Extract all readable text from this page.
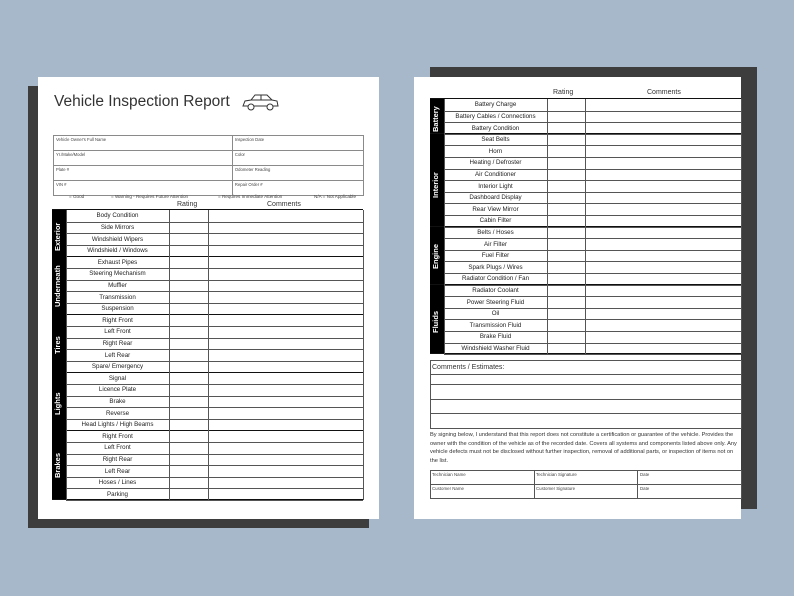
Vehicle Inspection Report
Vehicle Owner's Full Name	Inspection Date
Yr./Make/Model	Color
Plate #	Odometer Reading
VIN #	Repair Order #
= Good	= Warning - Requires Future Attention	= Requires Immediate Attention	N/A = Not Applicable
Rating	Comments
Body Condition
Side Mirrors
Windshield Wipers
Windshield / Windows
Exterior
Exhaust Pipes
Steering Mechanism
Muffler
Transmission
Suspension
Underneath
Right Front
Left Front
Right Rear
Left Rear
Spare/ Emergency
Tires
Signal
Licence Plate
Brake
Reverse
Head Lights / High Beams
Lights
Right Front
Left Front
Right Rear
Left Rear
Hoses / Lines
Parking
Brakes
Rating	Comments
Battery Charge
Battery Cables / Connections
Battery Condition
Battery
Seat Belts
Horn
Heating / Defroster
Air Conditioner
Interior Light
Dashboard Display
Rear View Mirror
Cabin Filter
Interior
Belts / Hoses
Air Filter
Fuel Filter
Spark Plugs / Wires
Radiator Condition / Fan
Engine
Radiator Coolant
Power Steering Fluid
Oil
Transmission Fluid
Brake Fluid
Windshield Washer Fluid
Fluids
Comments / Estimates:
By signing below, I understand that this report does not constitute a certification or guarantee of the vehicle. Provides the owner with the condition of the vehicle as of the recorded date. Covers all systems and components listed above only. Any vehicle defects must not be disclosed without further inspection, removal of additional parts, or inspection of items not on the list.
Technician Name	Technician Signature	Date
Customer Name	Customer Signature	Date
